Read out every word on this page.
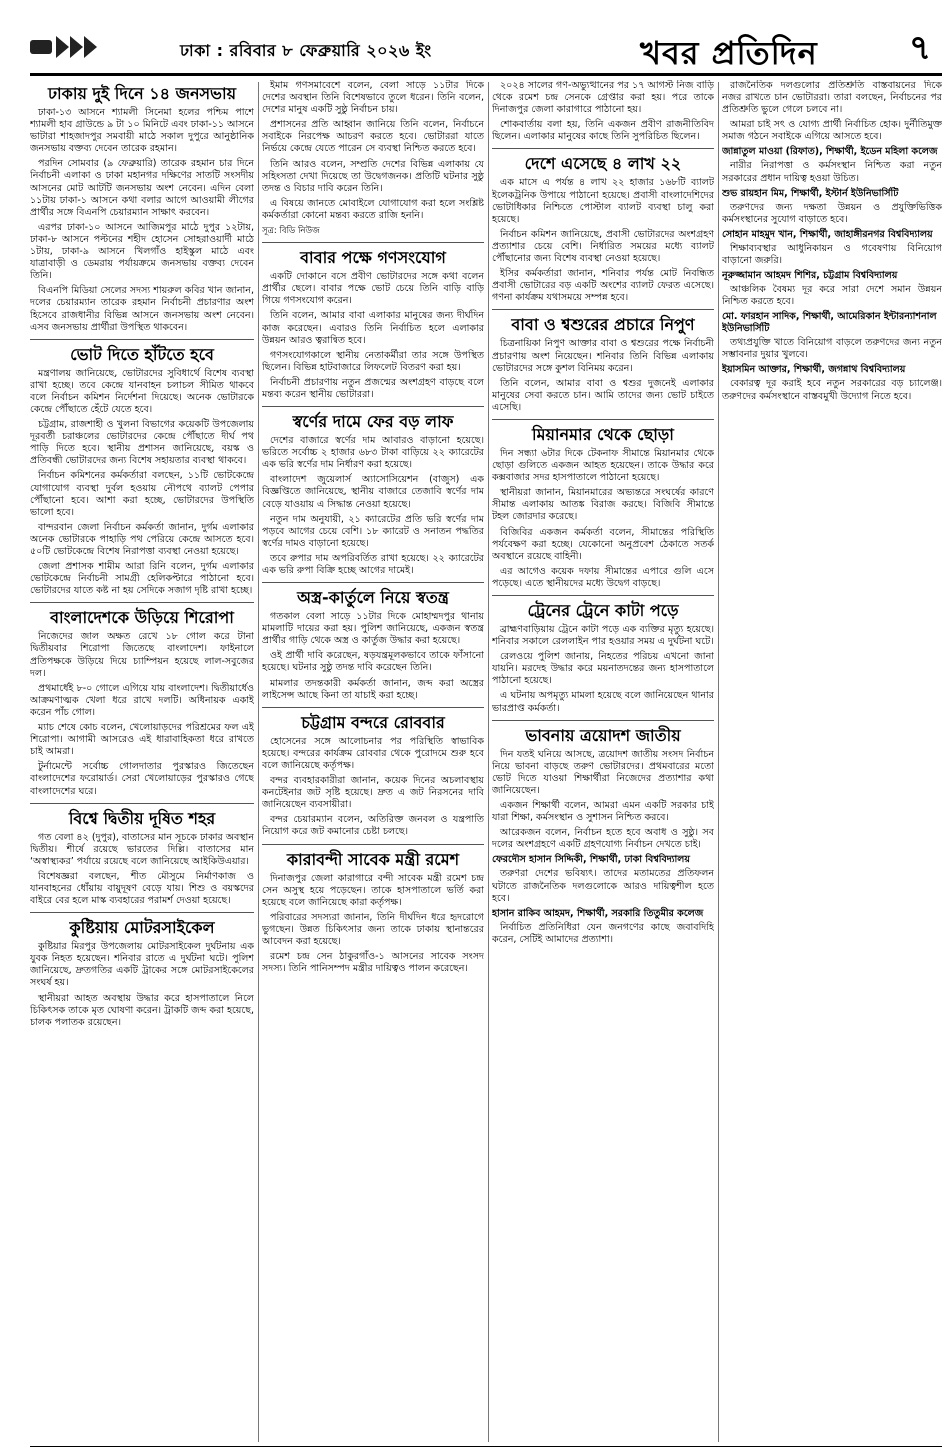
ঢাকা : রবিবার ৮ ফেব্রুয়ারি ২০২৬ ইং	খবর প্রতিদিন	৭
ঢাকায় দুই দিনে ১৪ জনসভায়

ঢাকা-১৩ আসনে শ্যামলী সিনেমা হলের পশ্চিম পাশে শ্যামলী হাব গ্রাউন্ডে ৯ টা ১০ মিনিটে এবং ঢাকা-১১ আসনে ভাটারা শাহজাদপুর সমবায়ী মাঠে সকাল দুপুরে আনুষ্ঠানিক জনসভায় বক্তব্য দেবেন তারেক রহমান।

পরদিন সোমবার (৯ ফেব্রুয়ারি) তারেক রহমান চার দিনে নির্বাচনী এলাকা ও ঢাকা মহানগর দক্ষিণের সাতটি সংসদীয় আসনের মোট আটটি জনসভায় অংশ নেবেন। এদিন বেলা ১১টায় ঢাকা-১ আসনে কথা বলার আগে আওয়ামী লীগের প্রার্থীর সঙ্গে বিএনপি চেয়ারম্যান সাক্ষাৎ করবেন।

এরপর ঢাকা-১০ আসনে আজিমপুর মাঠে দুপুর ১২টায়, ঢাকা-৮ আসনে পল্টনের শহীদ হোসেন সোহরাওয়ার্দী মাঠে ১টায়, ঢাকা-৯ আসনে খিলগাঁও হাইস্কুল মাঠে এবং যাত্রাবাড়ী ও ডেমরায় পর্যায়ক্রমে জনসভায় বক্তব্য দেবেন তিনি।

বিএনপি মিডিয়া সেলের সদস্য শায়রুল কবির খান জানান, দলের চেয়ারম্যান তারেক রহমান নির্বাচনী প্রচারণার অংশ হিসেবে রাজধানীর বিভিন্ন আসনে জনসভায় অংশ নেবেন। এসব জনসভায় প্রার্থীরা উপস্থিত থাকবেন।

ভোট দিতে হাঁটতে হবে

মন্ত্রণালয় জানিয়েছে, ভোটারদের সুবিধার্থে বিশেষ ব্যবস্থা রাখা হচ্ছে। তবে কেন্দ্রে যানবাহন চলাচল সীমিত থাকবে বলে নির্বাচন কমিশন নির্দেশনা দিয়েছে। অনেক ভোটারকে কেন্দ্রে পৌঁছাতে হেঁটে যেতে হবে।

চট্টগ্রাম, রাজশাহী ও খুলনা বিভাগের কয়েকটি উপজেলায় দূরবর্তী চরাঞ্চলের ভোটারদের কেন্দ্রে পৌঁছাতে দীর্ঘ পথ পাড়ি দিতে হবে। স্থানীয় প্রশাসন জানিয়েছে, বয়স্ক ও প্রতিবন্ধী ভোটারদের জন্য বিশেষ সহায়তার ব্যবস্থা থাকবে।

নির্বাচন কমিশনের কর্মকর্তারা বলছেন, ১১টি ভোটকেন্দ্রে যোগাযোগ ব্যবস্থা দুর্বল হওয়ায় নৌপথে ব্যালট পেপার পৌঁছানো হবে। আশা করা হচ্ছে, ভোটারদের উপস্থিতি ভালো হবে।

বান্দরবান জেলা নির্বাচন কর্মকর্তা জানান, দুর্গম এলাকার অনেক ভোটারকে পাহাড়ি পথ পেরিয়ে কেন্দ্রে আসতে হবে। ৫০টি ভোটকেন্দ্রে বিশেষ নিরাপত্তা ব্যবস্থা নেওয়া হয়েছে।

জেলা প্রশাসক শামীম আরা রিনি বলেন, দুর্গম এলাকার ভোটকেন্দ্রে নির্বাচনী সামগ্রী হেলিকপ্টারে পাঠানো হবে। ভোটারদের যাতে কষ্ট না হয় সেদিকে সজাগ দৃষ্টি রাখা হচ্ছে।

বাংলাদেশকে উড়িয়ে শিরোপা

নিজেদের জাল অক্ষত রেখে ১৮ গোল করে টানা দ্বিতীয়বার শিরোপা জিতেছে বাংলাদেশ। ফাইনালে প্রতিপক্ষকে উড়িয়ে দিয়ে চ্যাম্পিয়ন হয়েছে লাল-সবুজের দল।

প্রথমার্ধেই ৮-০ গোলে এগিয়ে যায় বাংলাদেশ। দ্বিতীয়ার্ধেও আক্রমণাত্মক খেলা ধরে রাখে দলটি। অধিনায়ক একাই করেন পাঁচ গোল।

ম্যাচ শেষে কোচ বলেন, খেলোয়াড়দের পরিশ্রমের ফল এই শিরোপা। আগামী আসরেও এই ধারাবাহিকতা ধরে রাখতে চাই আমরা।

টুর্নামেন্টে সর্বোচ্চ গোলদাতার পুরস্কারও জিতেছেন বাংলাদেশের ফরোয়ার্ড। সেরা খেলোয়াড়ের পুরস্কারও গেছে বাংলাদেশের ঘরে।

বিশ্বে দ্বিতীয় দূষিত শহর

গত বেলা ৪২ (দুপুর), বাতাসের মান সূচকে ঢাকার অবস্থান দ্বিতীয়। শীর্ষে রয়েছে ভারতের দিল্লি। বাতাসের মান ‘অস্বাস্থ্যকর’ পর্যায়ে রয়েছে বলে জানিয়েছে আইকিউএয়ার।

বিশেষজ্ঞরা বলছেন, শীত মৌসুমে নির্মাণকাজ ও যানবাহনের ধোঁয়ায় বায়ুদূষণ বেড়ে যায়। শিশু ও বয়স্কদের বাইরে বের হলে মাস্ক ব্যবহারের পরামর্শ দেওয়া হয়েছে।

কুষ্টিয়ায় মোটরসাইকেল

কুষ্টিয়ার মিরপুর উপজেলায় মোটরসাইকেল দুর্ঘটনায় এক যুবক নিহত হয়েছেন। শনিবার রাতে এ দুর্ঘটনা ঘটে। পুলিশ জানিয়েছে, দ্রুতগতির একটি ট্রাকের সঙ্গে মোটরসাইকেলের সংঘর্ষ হয়।

স্থানীয়রা আহত অবস্থায় উদ্ধার করে হাসপাতালে নিলে চিকিৎসক তাকে মৃত ঘোষণা করেন। ট্রাকটি জব্দ করা হয়েছে, চালক পলাতক রয়েছেন।

ইমাম গণসমাবেশে বলেন, বেলা সাড়ে ১১টার দিকে দেশের অবস্থান তিনি বিশেষভাবে তুলে ধরেন। তিনি বলেন, দেশের মানুষ একটি সুষ্ঠু নির্বাচন চায়।

প্রশাসনের প্রতি আহ্বান জানিয়ে তিনি বলেন, নির্বাচনে সবাইকে নিরপেক্ষ আচরণ করতে হবে। ভোটাররা যাতে নির্ভয়ে কেন্দ্রে যেতে পারেন সে ব্যবস্থা নিশ্চিত করতে হবে।

তিনি আরও বলেন, সম্প্রতি দেশের বিভিন্ন এলাকায় যে সহিংসতা দেখা দিয়েছে তা উদ্বেগজনক। প্রতিটি ঘটনার সুষ্ঠু তদন্ত ও বিচার দাবি করেন তিনি।

এ বিষয়ে জানতে মোবাইলে যোগাযোগ করা হলে সংশ্লিষ্ট কর্মকর্তারা কোনো মন্তব্য করতে রাজি হননি।

সূত্র: বিডি নিউজ
বাবার পক্ষে গণসংযোগ

একটি দোকানে বসে প্রবীণ ভোটারদের সঙ্গে কথা বলেন প্রার্থীর ছেলে। বাবার পক্ষে ভোট চেয়ে তিনি বাড়ি বাড়ি গিয়ে গণসংযোগ করেন।

তিনি বলেন, আমার বাবা এলাকার মানুষের জন্য দীর্ঘদিন কাজ করেছেন। এবারও তিনি নির্বাচিত হলে এলাকার উন্নয়ন আরও ত্বরান্বিত হবে।

গণসংযোগকালে স্থানীয় নেতাকর্মীরা তার সঙ্গে উপস্থিত ছিলেন। বিভিন্ন হাটবাজারে লিফলেট বিতরণ করা হয়।

নির্বাচনী প্রচারণায় নতুন প্রজন্মের অংশগ্রহণ বাড়ছে বলে মন্তব্য করেন স্থানীয় ভোটাররা।

স্বর্ণের দামে ফের বড় লাফ

দেশের বাজারে স্বর্ণের দাম আবারও বাড়ানো হয়েছে। ভরিতে সর্বোচ্চ ২ হাজার ৬৮৩ টাকা বাড়িয়ে ২২ ক্যারেটের এক ভরি স্বর্ণের দাম নির্ধারণ করা হয়েছে।

বাংলাদেশ জুয়েলার্স অ্যাসোসিয়েশন (বাজুস) এক বিজ্ঞপ্তিতে জানিয়েছে, স্থানীয় বাজারে তেজাবি স্বর্ণের দাম বেড়ে যাওয়ায় এ সিদ্ধান্ত নেওয়া হয়েছে।

নতুন দাম অনুযায়ী, ২১ ক্যারেটের প্রতি ভরি স্বর্ণের দাম পড়বে আগের চেয়ে বেশি। ১৮ ক্যারেট ও সনাতন পদ্ধতির স্বর্ণের দামও বাড়ানো হয়েছে।

তবে রুপার দাম অপরিবর্তিত রাখা হয়েছে। ২২ ক্যারেটের এক ভরি রুপা বিক্রি হচ্ছে আগের দামেই।

অস্ত্র-কার্তুলে নিয়ে স্বতন্ত্র

গতকাল বেলা সাড়ে ১১টার দিকে মোহাম্মদপুর থানায় মামলাটি দায়ের করা হয়। পুলিশ জানিয়েছে, একজন স্বতন্ত্র প্রার্থীর গাড়ি থেকে অস্ত্র ও কার্তুজ উদ্ধার করা হয়েছে।

ওই প্রার্থী দাবি করেছেন, ষড়যন্ত্রমূলকভাবে তাকে ফাঁসানো হয়েছে। ঘটনার সুষ্ঠু তদন্ত দাবি করেছেন তিনি।

মামলার তদন্তকারী কর্মকর্তা জানান, জব্দ করা অস্ত্রের লাইসেন্স আছে কিনা তা যাচাই করা হচ্ছে।

চট্টগ্রাম বন্দরে রোববার

হোসেনের সঙ্গে আলোচনার পর পরিস্থিতি স্বাভাবিক হয়েছে। বন্দরের কার্যক্রম রোববার থেকে পুরোদমে শুরু হবে বলে জানিয়েছে কর্তৃপক্ষ।

বন্দর ব্যবহারকারীরা জানান, কয়েক দিনের অচলাবস্থায় কনটেইনার জট সৃষ্টি হয়েছে। দ্রুত এ জট নিরসনের দাবি জানিয়েছেন ব্যবসায়ীরা।

বন্দর চেয়ারম্যান বলেন, অতিরিক্ত জনবল ও যন্ত্রপাতি নিয়োগ করে জট কমানোর চেষ্টা চলছে।

কারাবন্দী সাবেক মন্ত্রী রমেশ

দিনাজপুর জেলা কারাগারে বন্দী সাবেক মন্ত্রী রমেশ চন্দ্র সেন অসুস্থ হয়ে পড়েছেন। তাকে হাসপাতালে ভর্তি করা হয়েছে বলে জানিয়েছে কারা কর্তৃপক্ষ।

পরিবারের সদস্যরা জানান, তিনি দীর্ঘদিন ধরে হৃদরোগে ভুগছেন। উন্নত চিকিৎসার জন্য তাকে ঢাকায় স্থানান্তরের আবেদন করা হয়েছে।

রমেশ চন্দ্র সেন ঠাকুরগাঁও-১ আসনের সাবেক সংসদ সদস্য। তিনি পানিসম্পদ মন্ত্রীর দায়িত্বও পালন করেছেন।

২০২৪ সালের গণ-অভ্যুত্থানের পর ১৭ আগস্ট নিজ বাড়ি থেকে রমেশ চন্দ্র সেনকে গ্রেপ্তার করা হয়। পরে তাকে দিনাজপুর জেলা কারাগারে পাঠানো হয়।

শোকবার্তায় বলা হয়, তিনি একজন প্রবীণ রাজনীতিবিদ ছিলেন। এলাকার মানুষের কাছে তিনি সুপরিচিত ছিলেন।

দেশে এসেছে ৪ লাখ ২২

এক মাসে এ পর্যন্ত ৪ লাখ ২২ হাজার ১৬৮টি ব্যালট ইলেকট্রনিক উপায়ে পাঠানো হয়েছে। প্রবাসী বাংলাদেশিদের ভোটাধিকার নিশ্চিতে পোস্টাল ব্যালট ব্যবস্থা চালু করা হয়েছে।

নির্বাচন কমিশন জানিয়েছে, প্রবাসী ভোটারদের অংশগ্রহণ প্রত্যাশার চেয়ে বেশি। নির্ধারিত সময়ের মধ্যে ব্যালট পৌঁছানোর জন্য বিশেষ ব্যবস্থা নেওয়া হয়েছে।

ইসির কর্মকর্তারা জানান, শনিবার পর্যন্ত মোট নিবন্ধিত প্রবাসী ভোটারের বড় একটি অংশের ব্যালট ফেরত এসেছে। গণনা কার্যক্রম যথাসময়ে সম্পন্ন হবে।

বাবা ও শ্বশুরের প্রচারে নিপুণ

চিত্রনায়িকা নিপুণ আক্তার বাবা ও শ্বশুরের পক্ষে নির্বাচনী প্রচারণায় অংশ নিয়েছেন। শনিবার তিনি বিভিন্ন এলাকায় ভোটারদের সঙ্গে কুশল বিনিময় করেন।

তিনি বলেন, আমার বাবা ও শ্বশুর দুজনেই এলাকার মানুষের সেবা করতে চান। আমি তাদের জন্য ভোট চাইতে এসেছি।

মিয়ানমার থেকে ছোড়া

দিন সন্ধ্যা ৬টার দিকে টেকনাফ সীমান্তে মিয়ানমার থেকে ছোড়া গুলিতে একজন আহত হয়েছেন। তাকে উদ্ধার করে কক্সবাজার সদর হাসপাতালে পাঠানো হয়েছে।

স্থানীয়রা জানান, মিয়ানমারের অভ্যন্তরে সংঘর্ষের কারণে সীমান্ত এলাকায় আতঙ্ক বিরাজ করছে। বিজিবি সীমান্তে টহল জোরদার করেছে।

বিজিবির একজন কর্মকর্তা বলেন, সীমান্তের পরিস্থিতি পর্যবেক্ষণ করা হচ্ছে। যেকোনো অনুপ্রবেশ ঠেকাতে সতর্ক অবস্থানে রয়েছে বাহিনী।

এর আগেও কয়েক দফায় সীমান্তের এপারে গুলি এসে পড়েছে। এতে স্থানীয়দের মধ্যে উদ্বেগ বাড়ছে।

ট্রেনের ট্রেনে কাটা পড়ে

ব্রাহ্মণবাড়িয়ায় ট্রেনে কাটা পড়ে এক ব্যক্তির মৃত্যু হয়েছে। শনিবার সকালে রেললাইন পার হওয়ার সময় এ দুর্ঘটনা ঘটে।

রেলওয়ে পুলিশ জানায়, নিহতের পরিচয় এখনো জানা যায়নি। মরদেহ উদ্ধার করে ময়নাতদন্তের জন্য হাসপাতালে পাঠানো হয়েছে।

এ ঘটনায় অপমৃত্যু মামলা হয়েছে বলে জানিয়েছেন থানার ভারপ্রাপ্ত কর্মকর্তা।

ভাবনায় ত্রয়োদশ জাতীয়

দিন যতই ঘনিয়ে আসছে, ত্রয়োদশ জাতীয় সংসদ নির্বাচন নিয়ে ভাবনা বাড়ছে তরুণ ভোটারদের। প্রথমবারের মতো ভোট দিতে যাওয়া শিক্ষার্থীরা নিজেদের প্রত্যাশার কথা জানিয়েছেন।

একজন শিক্ষার্থী বলেন, আমরা এমন একটি সরকার চাই যারা শিক্ষা, কর্মসংস্থান ও সুশাসন নিশ্চিত করবে।

আরেকজন বলেন, নির্বাচন হতে হবে অবাধ ও সুষ্ঠু। সব দলের অংশগ্রহণে একটি গ্রহণযোগ্য নির্বাচন দেখতে চাই।

ফেরদৌস হাসান সিদ্দিকী, শিক্ষার্থী, ঢাকা বিশ্ববিদ্যালয়

তরুণরা দেশের ভবিষ্যৎ। তাদের মতামতের প্রতিফলন ঘটাতে রাজনৈতিক দলগুলোকে আরও দায়িত্বশীল হতে হবে।

হাসান রাকিব আহমদ, শিক্ষার্থী, সরকারি তিতুমীর কলেজ

নির্বাচিত প্রতিনিধিরা যেন জনগণের কাছে জবাবদিহি করেন, সেটিই আমাদের প্রত্যাশা।

রাজনৈতিক দলগুলোর প্রতিশ্রুতি বাস্তবায়নের দিকে নজর রাখতে চান ভোটাররা। তারা বলছেন, নির্বাচনের পর প্রতিশ্রুতি ভুলে গেলে চলবে না।

আমরা চাই সৎ ও যোগ্য প্রার্থী নির্বাচিত হোক। দুর্নীতিমুক্ত সমাজ গঠনে সবাইকে এগিয়ে আসতে হবে।

জান্নাতুল মাওয়া (রিফাত), শিক্ষার্থী, ইডেন মহিলা কলেজ

নারীর নিরাপত্তা ও কর্মসংস্থান নিশ্চিত করা নতুন সরকারের প্রধান দায়িত্ব হওয়া উচিত।

শুভ রায়হান মিম, শিক্ষার্থী, ইস্টার্ন ইউনিভার্সিটি

তরুণদের জন্য দক্ষতা উন্নয়ন ও প্রযুক্তিভিত্তিক কর্মসংস্থানের সুযোগ বাড়াতে হবে।

সোহান মাহমুদ খান, শিক্ষার্থী, জাহাঙ্গীরনগর বিশ্ববিদ্যালয়

শিক্ষাব্যবস্থার আধুনিকায়ন ও গবেষণায় বিনিয়োগ বাড়ানো জরুরি।

নূরুজ্জামান আহমদ শিশির, চট্টগ্রাম বিশ্ববিদ্যালয়

আঞ্চলিক বৈষম্য দূর করে সারা দেশে সমান উন্নয়ন নিশ্চিত করতে হবে।

মো. ফারহান সাদিক, শিক্ষার্থী, আমেরিকান ইন্টারন্যাশনাল ইউনিভার্সিটি

তথ্যপ্রযুক্তি খাতে বিনিয়োগ বাড়লে তরুণদের জন্য নতুন সম্ভাবনার দুয়ার খুলবে।

ইয়াসমিন আক্তার, শিক্ষার্থী, জগন্নাথ বিশ্ববিদ্যালয়

বেকারত্ব দূর করাই হবে নতুন সরকারের বড় চ্যালেঞ্জ। তরুণদের কর্মসংস্থানে বাস্তবমুখী উদ্যোগ নিতে হবে।
